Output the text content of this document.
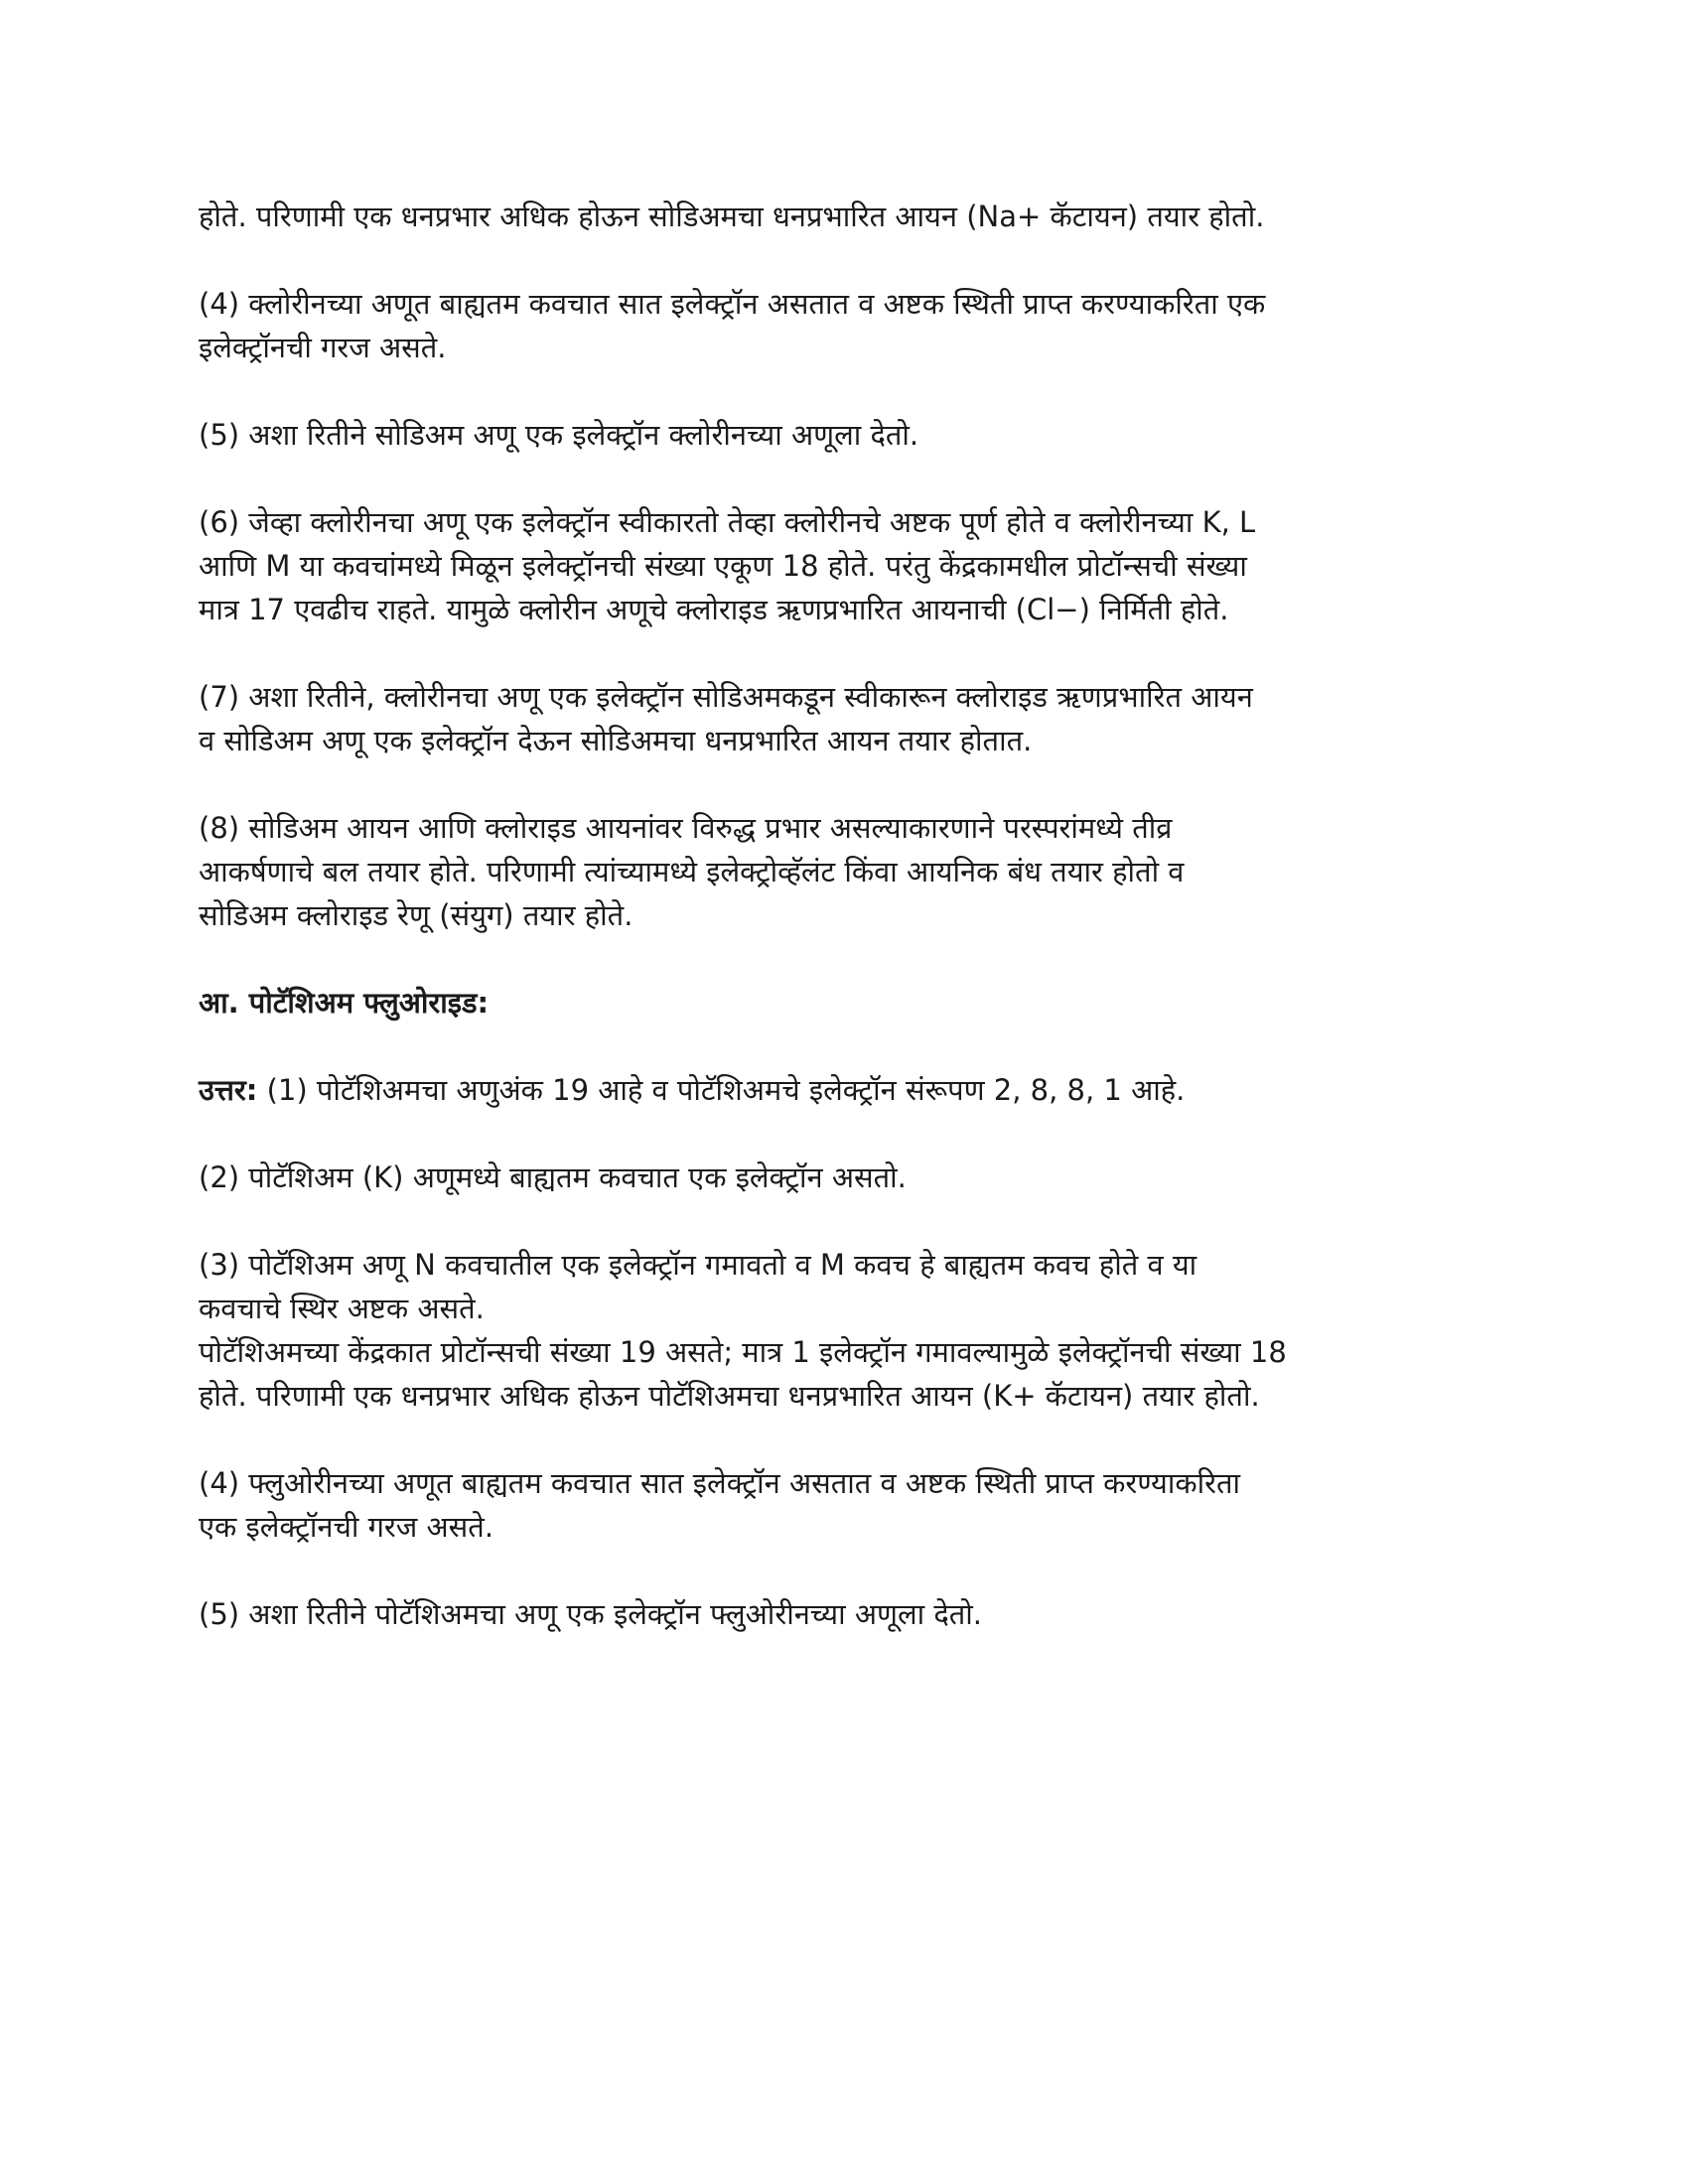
होते. परिणामी एक धनप्रभार अधिक होऊन सोडिअमचा धनप्रभारित आयन (Na+ कॅटायन) तयार होतो.
(4) क्लोरीनच्या अणूत बाह्यतम कवचात सात इलेक्ट्रॉन असतात व अष्टक स्थिती प्राप्त करण्याकरिता एक
इलेक्ट्रॉनची गरज असते.
(5) अशा रितीने सोडिअम अणू एक इलेक्ट्रॉन क्लोरीनच्या अणूला देतो.
(6) जेव्हा क्लोरीनचा अणू एक इलेक्ट्रॉन स्वीकारतो तेव्हा क्लोरीनचे अष्टक पूर्ण होते व क्लोरीनच्या K, L
आणि M या कवचांमध्ये मिळून इलेक्ट्रॉनची संख्या एकूण 18 होते. परंतु केंद्रकामधील प्रोटॉन्सची संख्या
मात्र 17 एवढीच राहते. यामुळे क्लोरीन अणूचे क्लोराइड ऋणप्रभारित आयनाची (Cl−) निर्मिती होते.
(7) अशा रितीने, क्लोरीनचा अणू एक इलेक्ट्रॉन सोडिअमकडून स्वीकारून क्लोराइड ऋणप्रभारित आयन
व सोडिअम अणू एक इलेक्ट्रॉन देऊन सोडिअमचा धनप्रभारित आयन तयार होतात.
(8) सोडिअम आयन आणि क्लोराइड आयनांवर विरुद्ध प्रभार असल्याकारणाने परस्परांमध्ये तीव्र
आकर्षणाचे बल तयार होते. परिणामी त्यांच्यामध्ये इलेक्ट्रोव्हॅलंट किंवा आयनिक बंध तयार होतो व
सोडिअम क्लोराइड रेणू (संयुग) तयार होते.
आ. पोटॅशिअम फ्लुओराइड:
उत्तर: (1) पोटॅशिअमचा अणुअंक 19 आहे व पोटॅशिअमचे इलेक्ट्रॉन संरूपण 2, 8, 8, 1 आहे.
(2) पोटॅशिअम (K) अणूमध्ये बाह्यतम कवचात एक इलेक्ट्रॉन असतो.
(3) पोटॅशिअम अणू N कवचातील एक इलेक्ट्रॉन गमावतो व M कवच हे बाह्यतम कवच होते व या
कवचाचे स्थिर अष्टक असते.
पोटॅशिअमच्या केंद्रकात प्रोटॉन्सची संख्या 19 असते; मात्र 1 इलेक्ट्रॉन गमावल्यामुळे इलेक्ट्रॉनची संख्या 18
होते. परिणामी एक धनप्रभार अधिक होऊन पोटॅशिअमचा धनप्रभारित आयन (K+ कॅटायन) तयार होतो.
(4) फ्लुओरीनच्या अणूत बाह्यतम कवचात सात इलेक्ट्रॉन असतात व अष्टक स्थिती प्राप्त करण्याकरिता
एक इलेक्ट्रॉनची गरज असते.
(5) अशा रितीने पोटॅशिअमचा अणू एक इलेक्ट्रॉन फ्लुओरीनच्या अणूला देतो.
